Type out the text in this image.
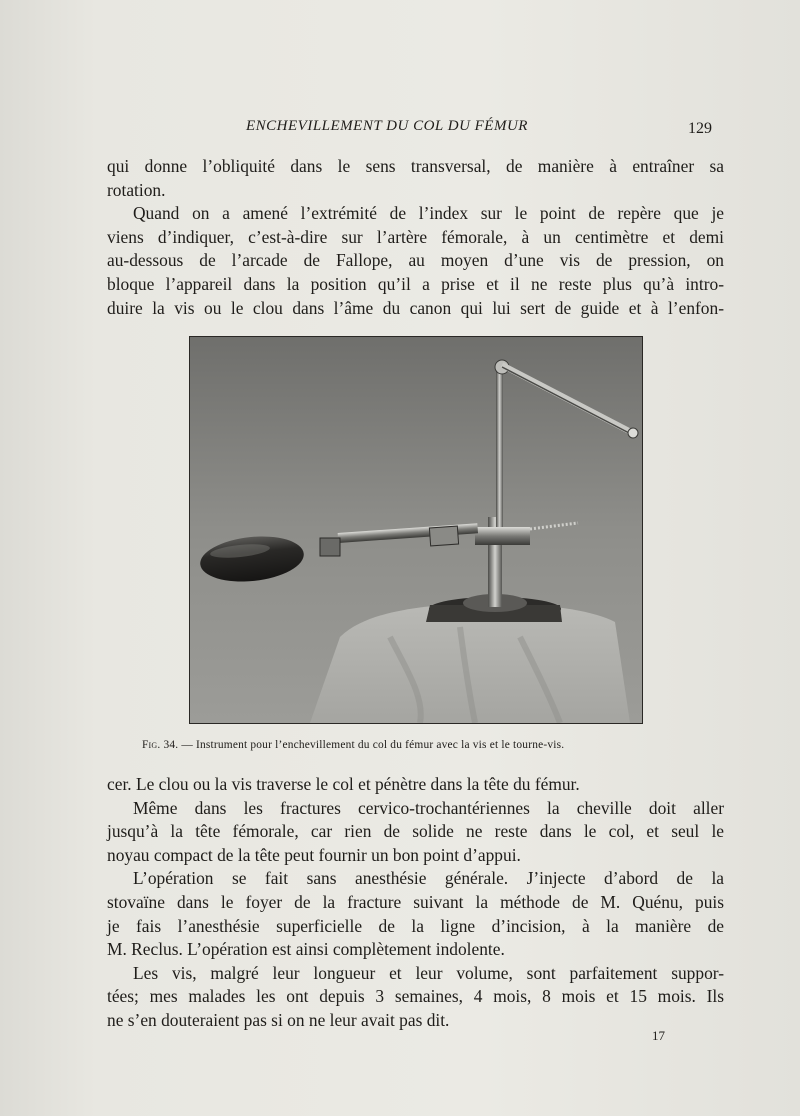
ENCHEVILLEMENT DU COL DU FÉMUR	129

qui donne l’obliquité dans le sens transversal, de manière à entraîner sa

rotation.

Quand on a amené l’extrémité de l’index sur le point de repère que je

viens d’indiquer, c’est-à-dire sur l’artère fémorale, à un centimètre et demi

au-dessous de l’arcade de Fallope, au moyen d’une vis de pression, on

bloque l’appareil dans la position qu’il a prise et il ne reste plus qu’à intro-

duire la vis ou le clou dans l’âme du canon qui lui sert de guide et à l’enfon-

Fig. 34. — Instrument pour l’enchevillement du col du fémur avec la vis et le tourne-vis.

cer. Le clou ou la vis traverse le col et pénètre dans la tête du fémur.

Même dans les fractures cervico-trochantériennes la cheville doit aller

jusqu’à la tête fémorale, car rien de solide ne reste dans le col, et seul le

noyau compact de la tête peut fournir un bon point d’appui.

L’opération se fait sans anesthésie générale. J’injecte d’abord de la

stovaïne dans le foyer de la fracture suivant la méthode de M. Quénu, puis

je fais l’anesthésie superficielle de la ligne d’incision, à la manière de

M. Reclus. L’opération est ainsi complètement indolente.

Les vis, malgré leur longueur et leur volume, sont parfaitement suppor-

tées; mes malades les ont depuis 3 semaines, 4 mois, 8 mois et 15 mois. Ils

ne s’en douteraient pas si on ne leur avait pas dit.

17
